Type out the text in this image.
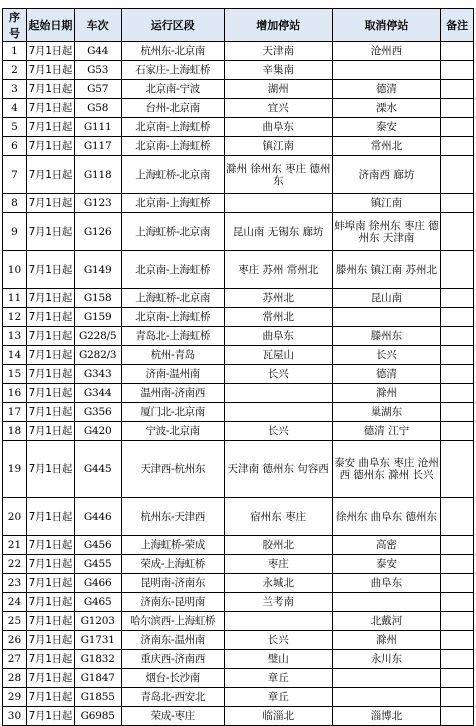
序号	起始日期	车次	运行区段	增加停站	取消停站	备注
1	7月1日起	G44	杭州东-北京南	天津南	沧州西	
2	7月1日起	G53	石家庄-上海虹桥	辛集南		
3	7月1日起	G57	北京南-宁波	湖州	德清	
4	7月1日起	G58	台州-北京南	宜兴	溧水	
5	7月1日起	G111	北京南-上海虹桥	曲阜东	泰安	
6	7月1日起	G117	北京南-上海虹桥	镇江南	常州北	
7	7月1日起	G118	上海虹桥-北京南	滁州 徐州东 枣庄 德州东	济南西 廊坊	
8	7月1日起	G123	北京南-上海虹桥		镇江南	
9	7月1日起	G126	上海虹桥-北京南	昆山南 无锡东 廊坊	蚌埠南 徐州东 枣庄 德州东 天津南	
10	7月1日起	G149	北京南-上海虹桥	枣庄 苏州 常州北	滕州东 镇江南 苏州北	
11	7月1日起	G158	上海虹桥-北京南	苏州北	昆山南	
12	7月1日起	G159	北京南-上海虹桥	常州北		
13	7月1日起	G228/5	青岛北-上海虹桥	曲阜东	滕州东	
14	7月1日起	G282/3	杭州-青岛	瓦屋山	长兴	
15	7月1日起	G343	济南-温州南	长兴	德清	
16	7月1日起	G344	温州南-济南西		滁州	
17	7月1日起	G356	厦门北-北京南		巢湖东	
18	7月1日起	G420	宁波-北京南	长兴	德清 江宁	
19	7月1日起	G445	天津西-杭州东	天津南 德州东 句容西	泰安 曲阜东 枣庄 沧州西 德州东 滁州 长兴	
20	7月1日起	G446	杭州东-天津西	宿州东 枣庄	徐州东 曲阜东 德州东	
21	7月1日起	G456	上海虹桥-荣成	胶州北	高密	
22	7月1日起	G455	荣成-上海虹桥	枣庄	泰安	
23	7月1日起	G466	昆明南-济南东	永城北	曲阜东	
24	7月1日起	G465	济南东-昆明南	兰考南		
25	7月1日起	G1203	哈尔滨西-上海虹桥		北戴河	
26	7月1日起	G1731	济南东-温州南	长兴	滁州	
27	7月1日起	G1832	重庆西-济南西	璧山	永川东	
28	7月1日起	G1847	烟台-长沙南	章丘		
29	7月1日起	G1855	青岛北-西安北	章丘		
30	7月1日起	G6985	荣成-枣庄	临淄北	淄博北	
